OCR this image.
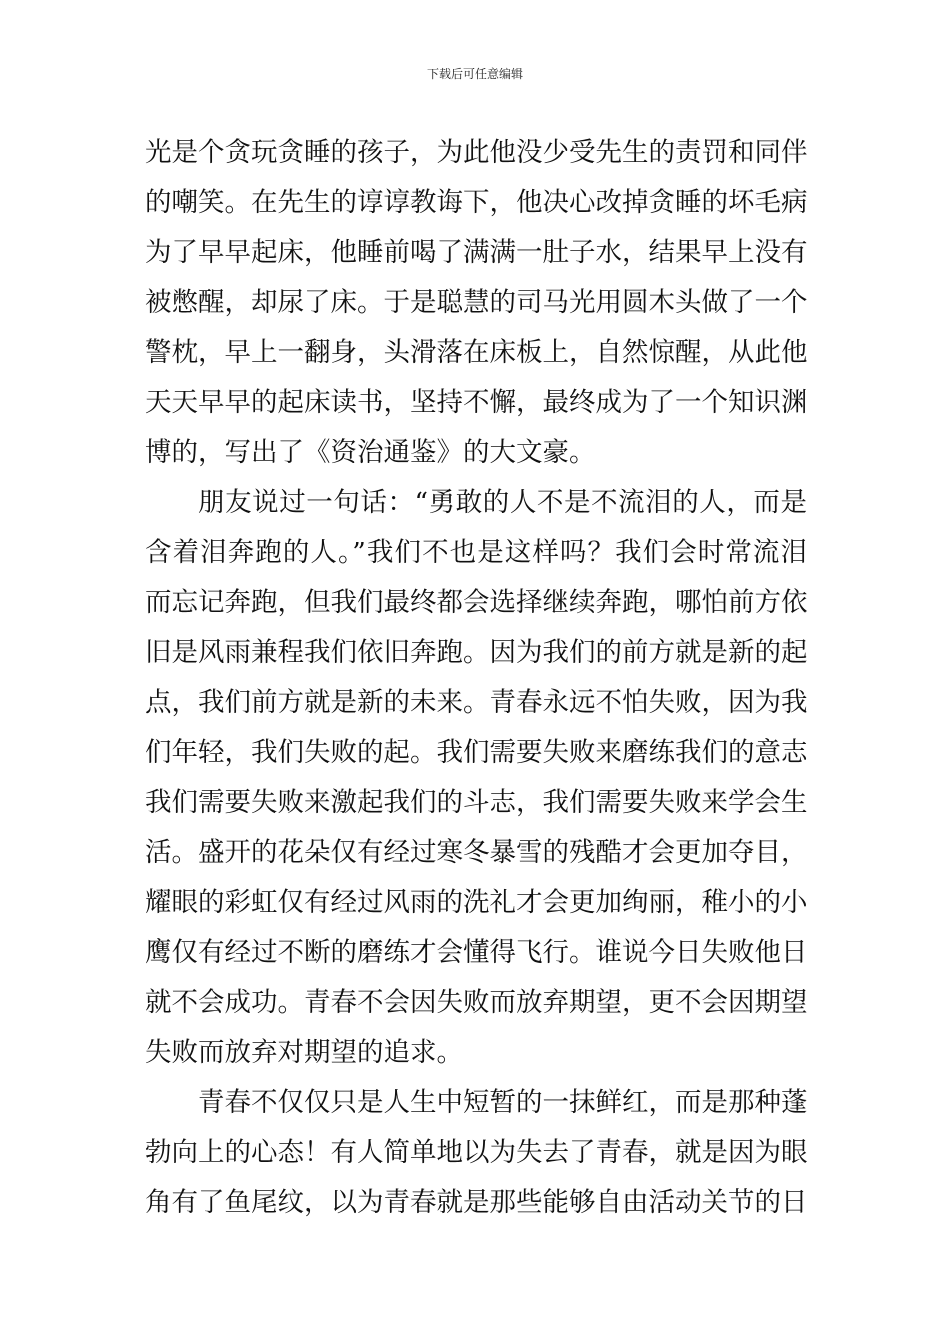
下载后可任意编辑
光是个贪玩贪睡的孩子，为此他没少受先生的责罚和同伴
的嘲笑。在先生的谆谆教诲下，他决心改掉贪睡的坏毛病
为了早早起床，他睡前喝了满满一肚子水，结果早上没有
被憋醒，却尿了床。于是聪慧的司马光用圆木头做了一个
警枕，早上一翻身，头滑落在床板上，自然惊醒，从此他
天天早早的起床读书，坚持不懈，最终成为了一个知识渊
博的，写出了《资治通鉴》的大文豪。
朋友说过一句话：“勇敢的人不是不流泪的人，而是
含着泪奔跑的人。”我们不也是这样吗？我们会时常流泪
而忘记奔跑，但我们最终都会选择继续奔跑，哪怕前方依
旧是风雨兼程我们依旧奔跑。因为我们的前方就是新的起
点，我们前方就是新的未来。青春永远不怕失败，因为我
们年轻，我们失败的起。我们需要失败来磨练我们的意志
我们需要失败来激起我们的斗志，我们需要失败来学会生
活。盛开的花朵仅有经过寒冬暴雪的残酷才会更加夺目，
耀眼的彩虹仅有经过风雨的洗礼才会更加绚丽，稚小的小
鹰仅有经过不断的磨练才会懂得飞行。谁说今日失败他日
就不会成功。青春不会因失败而放弃期望，更不会因期望
失败而放弃对期望的追求。
青春不仅仅只是人生中短暂的一抹鲜红，而是那种蓬
勃向上的心态！有人简单地以为失去了青春，就是因为眼
角有了鱼尾纹，以为青春就是那些能够自由活动关节的日
